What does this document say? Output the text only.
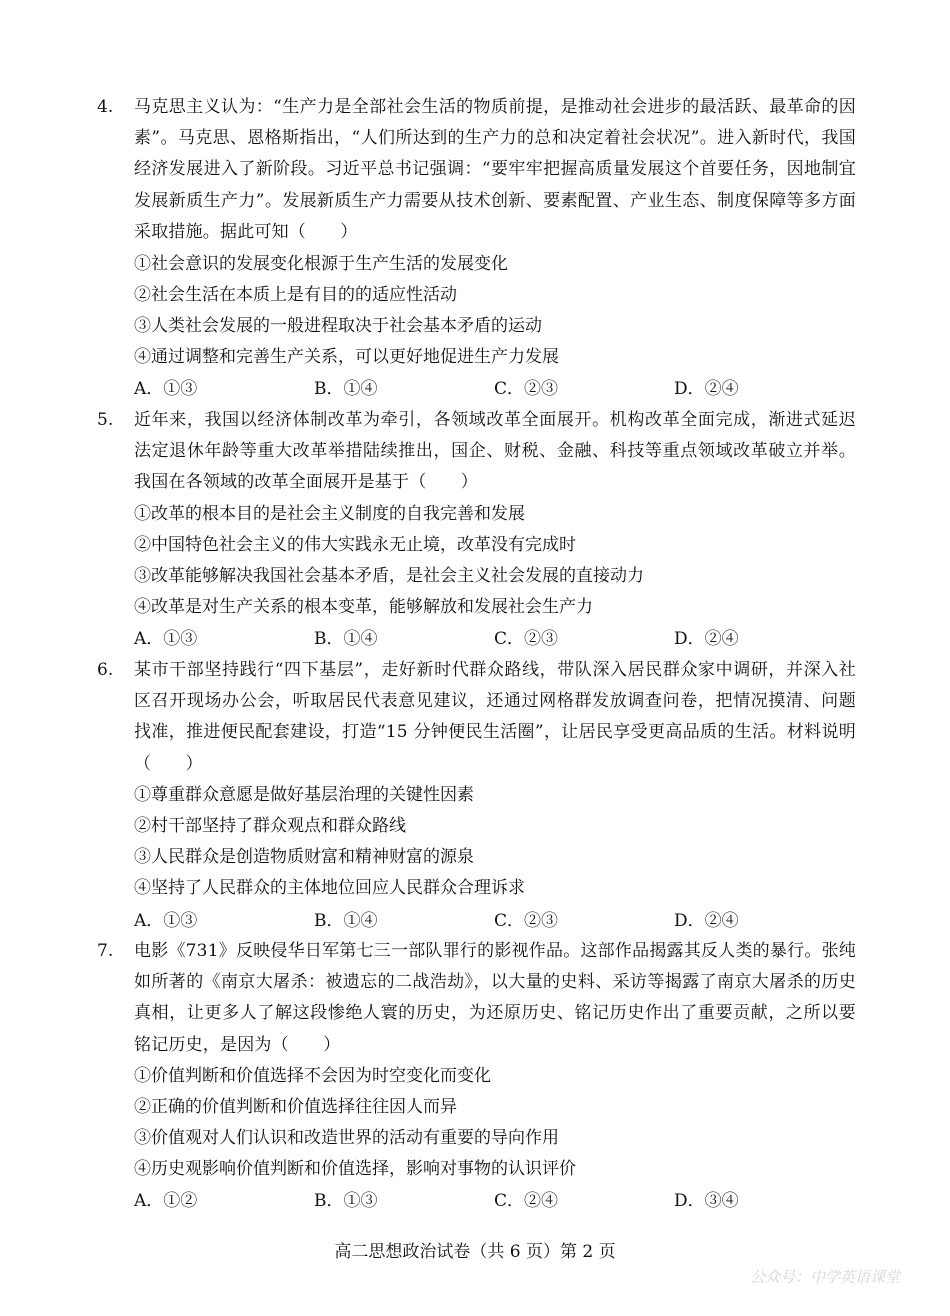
4. 马克思主义认为：“生产力是全部社会生活的物质前提，是推动社会进步的最活跃、最革命的因素”。马克思、恩格斯指出，“人们所达到的生产力的总和决定着社会状况”。进入新时代，我国经济发展进入了新阶段。习近平总书记强调：“要牢牢把握高质量发展这个首要任务，因地制宜发展新质生产力”。发展新质生产力需要从技术创新、要素配置、产业生态、制度保障等多方面采取措施。据此可知（　　）

①社会意识的发展变化根源于生产生活的发展变化
②社会生活在本质上是有目的的适应性活动
③人类社会发展的一般进程取决于社会基本矛盾的运动
④通过调整和完善生产关系，可以更好地促进生产力发展
A．①③	B．①④	C．②③	D．②④
5. 近年来，我国以经济体制改革为牵引，各领域改革全面展开。机构改革全面完成，渐进式延迟法定退休年龄等重大改革举措陆续推出，国企、财税、金融、科技等重点领域改革破立并举。我国在各领域的改革全面展开是基于（　　）

①改革的根本目的是社会主义制度的自我完善和发展
②中国特色社会主义的伟大实践永无止境，改革没有完成时
③改革能够解决我国社会基本矛盾，是社会主义社会发展的直接动力
④改革是对生产关系的根本变革，能够解放和发展社会生产力
A．①③	B．①④	C．②③	D．②④
6. 某市干部坚持践行“四下基层”，走好新时代群众路线，带队深入居民群众家中调研，并深入社区召开现场办公会，听取居民代表意见建议，还通过网格群发放调查问卷，把情况摸清、问题找准，推进便民配套建设，打造“15 分钟便民生活圈”，让居民享受更高品质的生活。材料说明（　　）

①尊重群众意愿是做好基层治理的关键性因素
②村干部坚持了群众观点和群众路线
③人民群众是创造物质财富和精神财富的源泉
④坚持了人民群众的主体地位回应人民群众合理诉求
A．①③	B．①④	C．②③	D．②④
7. 电影《731》反映侵华日军第七三一部队罪行的影视作品。这部作品揭露其反人类的暴行。张纯如所著的《南京大屠杀：被遗忘的二战浩劫》，以大量的史料、采访等揭露了南京大屠杀的历史真相，让更多人了解这段惨绝人寰的历史，为还原历史、铭记历史作出了重要贡献，之所以要铭记历史，是因为（　　）

①价值判断和价值选择不会因为时空变化而变化
②正确的价值判断和价值选择往往因人而异
③价值观对人们认识和改造世界的活动有重要的导向作用
④历史观影响价值判断和价值选择，影响对事物的认识评价
A．①②	B．①③	C．②④	D．③④
高二思想政治试卷（共 6 页）第 2 页
公众号：中学英语课堂
